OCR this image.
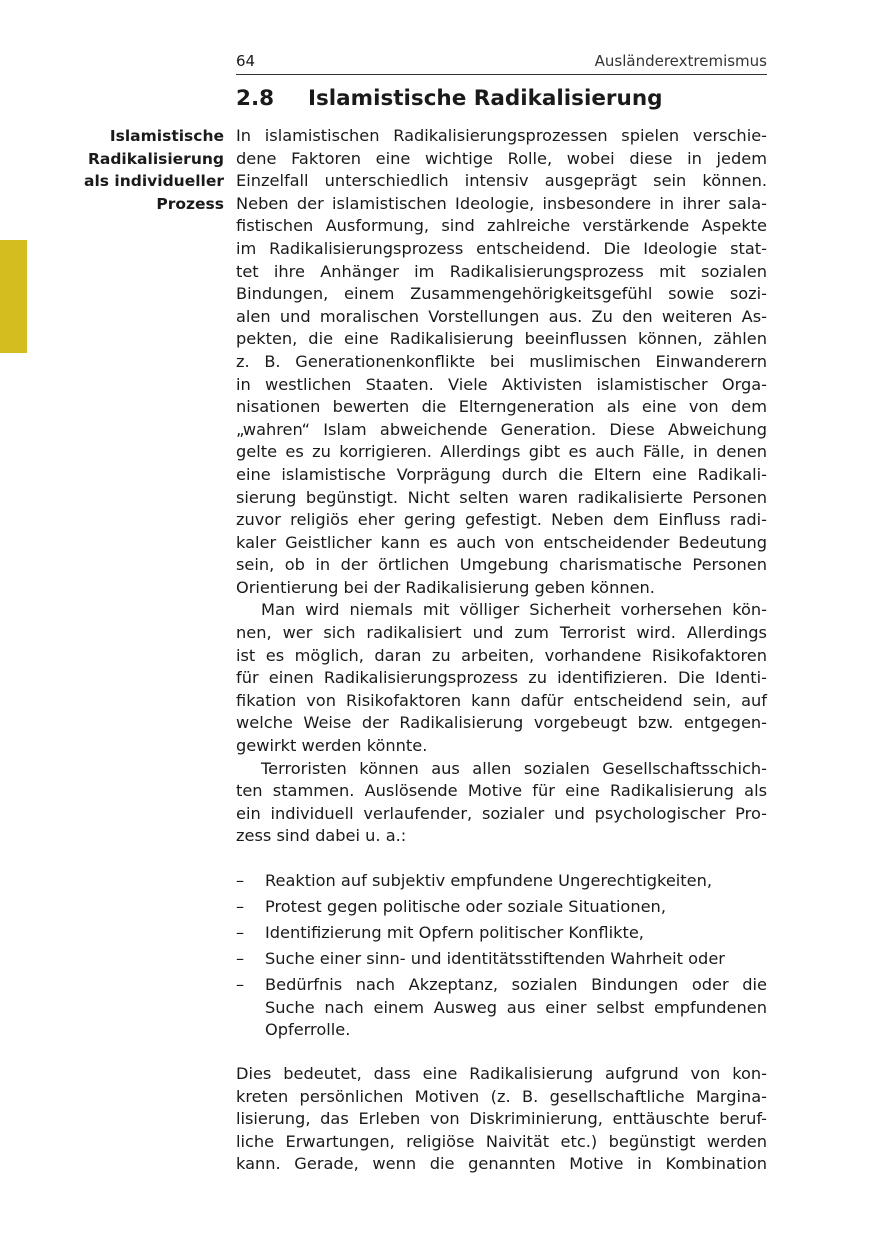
64	Ausländerextremismus
2.8 Islamistische Radikalisierung
Islamistische
Radikalisierung
als individueller
Prozess
In islamistischen Radikalisierungsprozessen spielen verschie-
dene Faktoren eine wichtige Rolle, wobei diese in jedem
Einzelfall unterschiedlich intensiv ausgeprägt sein können.
Neben der islamistischen Ideologie, insbesondere in ihrer sala-
fistischen Ausformung, sind zahlreiche verstärkende Aspekte
im Radikalisierungsprozess entscheidend. Die Ideologie stat-
tet ihre Anhänger im Radikalisierungsprozess mit sozialen
Bindungen, einem Zusammengehörigkeitsgefühl sowie sozi-
alen und moralischen Vorstellungen aus. Zu den weiteren As-
pekten, die eine Radikalisierung beeinflussen können, zählen
z. B. Generationenkonflikte bei muslimischen Einwanderern
in westlichen Staaten. Viele Aktivisten islamistischer Orga-
nisationen bewerten die Elterngeneration als eine von dem
„wahren“ Islam abweichende Generation. Diese Abweichung
gelte es zu korrigieren. Allerdings gibt es auch Fälle, in denen
eine islamistische Vorprägung durch die Eltern eine Radikali-
sierung begünstigt. Nicht selten waren radikalisierte Personen
zuvor religiös eher gering gefestigt. Neben dem Einfluss radi-
kaler Geistlicher kann es auch von entscheidender Bedeutung
sein, ob in der örtlichen Umgebung charismatische Personen
Orientierung bei der Radikalisierung geben können.
Man wird niemals mit völliger Sicherheit vorhersehen kön-
nen, wer sich radikalisiert und zum Terrorist wird. Allerdings
ist es möglich, daran zu arbeiten, vorhandene Risikofaktoren
für einen Radikalisierungsprozess zu identifizieren. Die Identi-
fikation von Risikofaktoren kann dafür entscheidend sein, auf
welche Weise der Radikalisierung vorgebeugt bzw. entgegen-
gewirkt werden könnte.
Terroristen können aus allen sozialen Gesellschaftsschich-
ten stammen. Auslösende Motive für eine Radikalisierung als
ein individuell verlaufender, sozialer und psychologischer Pro-
zess sind dabei u. a.:
– Reaktion auf subjektiv empfundene Ungerechtigkeiten,
– Protest gegen politische oder soziale Situationen,
– Identifizierung mit Opfern politischer Konflikte,
– Suche einer sinn- und identitätsstiftenden Wahrheit oder
– Bedürfnis nach Akzeptanz, sozialen Bindungen oder die
Suche nach einem Ausweg aus einer selbst empfundenen
Opferrolle.
Dies bedeutet, dass eine Radikalisierung aufgrund von kon-
kreten persönlichen Motiven (z. B. gesellschaftliche Margina-
lisierung, das Erleben von Diskriminierung, enttäuschte beruf-
liche Erwartungen, religiöse Naivität etc.) begünstigt werden
kann. Gerade, wenn die genannten Motive in Kombination
